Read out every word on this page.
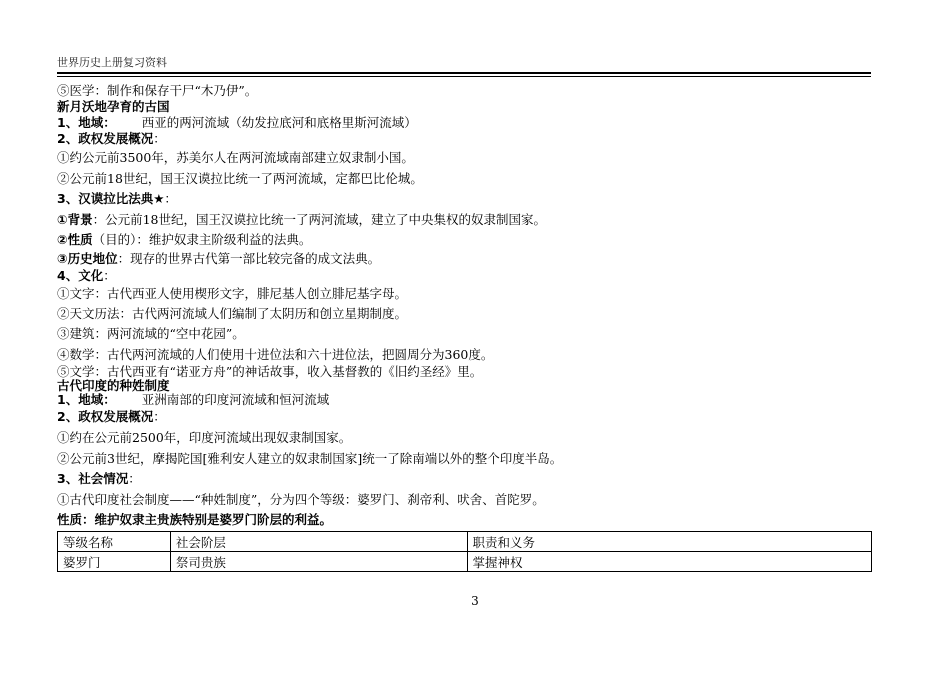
世界历史上册复习资料
⑤医学：制作和保存干尸“木乃伊”。
新月沃地孕育的古国
1、地域： 西亚的两河流域（幼发拉底河和底格里斯河流域）
2、政权发展概况：
①约公元前3500年，苏美尔人在两河流域南部建立奴隶制小国。
②公元前18世纪，国王汉谟拉比统一了两河流域，定都巴比伦城。
3、汉谟拉比法典★：
①背景：公元前18世纪，国王汉谟拉比统一了两河流域，建立了中央集权的奴隶制国家。
②性质（目的）：维护奴隶主阶级利益的法典。
③历史地位：现存的世界古代第一部比较完备的成文法典。
4、文化：
①文字：古代西亚人使用楔形文字，腓尼基人创立腓尼基字母。
②天文历法：古代两河流域人们编制了太阴历和创立星期制度。
③建筑：两河流域的“空中花园”。
④数学：古代两河流域的人们使用十进位法和六十进位法，把圆周分为360度。
⑤文学：古代西亚有“诺亚方舟”的神话故事，收入基督教的《旧约圣经》里。
古代印度的种姓制度
1、地域： 亚洲南部的印度河流域和恒河流域
2、政权发展概况：
①约在公元前2500年，印度河流域出现奴隶制国家。
②公元前3世纪，摩揭陀国[雅利安人建立的奴隶制国家]统一了除南端以外的整个印度半岛。
3、社会情况：
①古代印度社会制度——“种姓制度”，分为四个等级：婆罗门、刹帝利、吠舍、首陀罗。
性质：维护奴隶主贵族特别是婆罗门阶层的利益。
等级名称	社会阶层	职责和义务
婆罗门	祭司贵族	掌握神权
3
